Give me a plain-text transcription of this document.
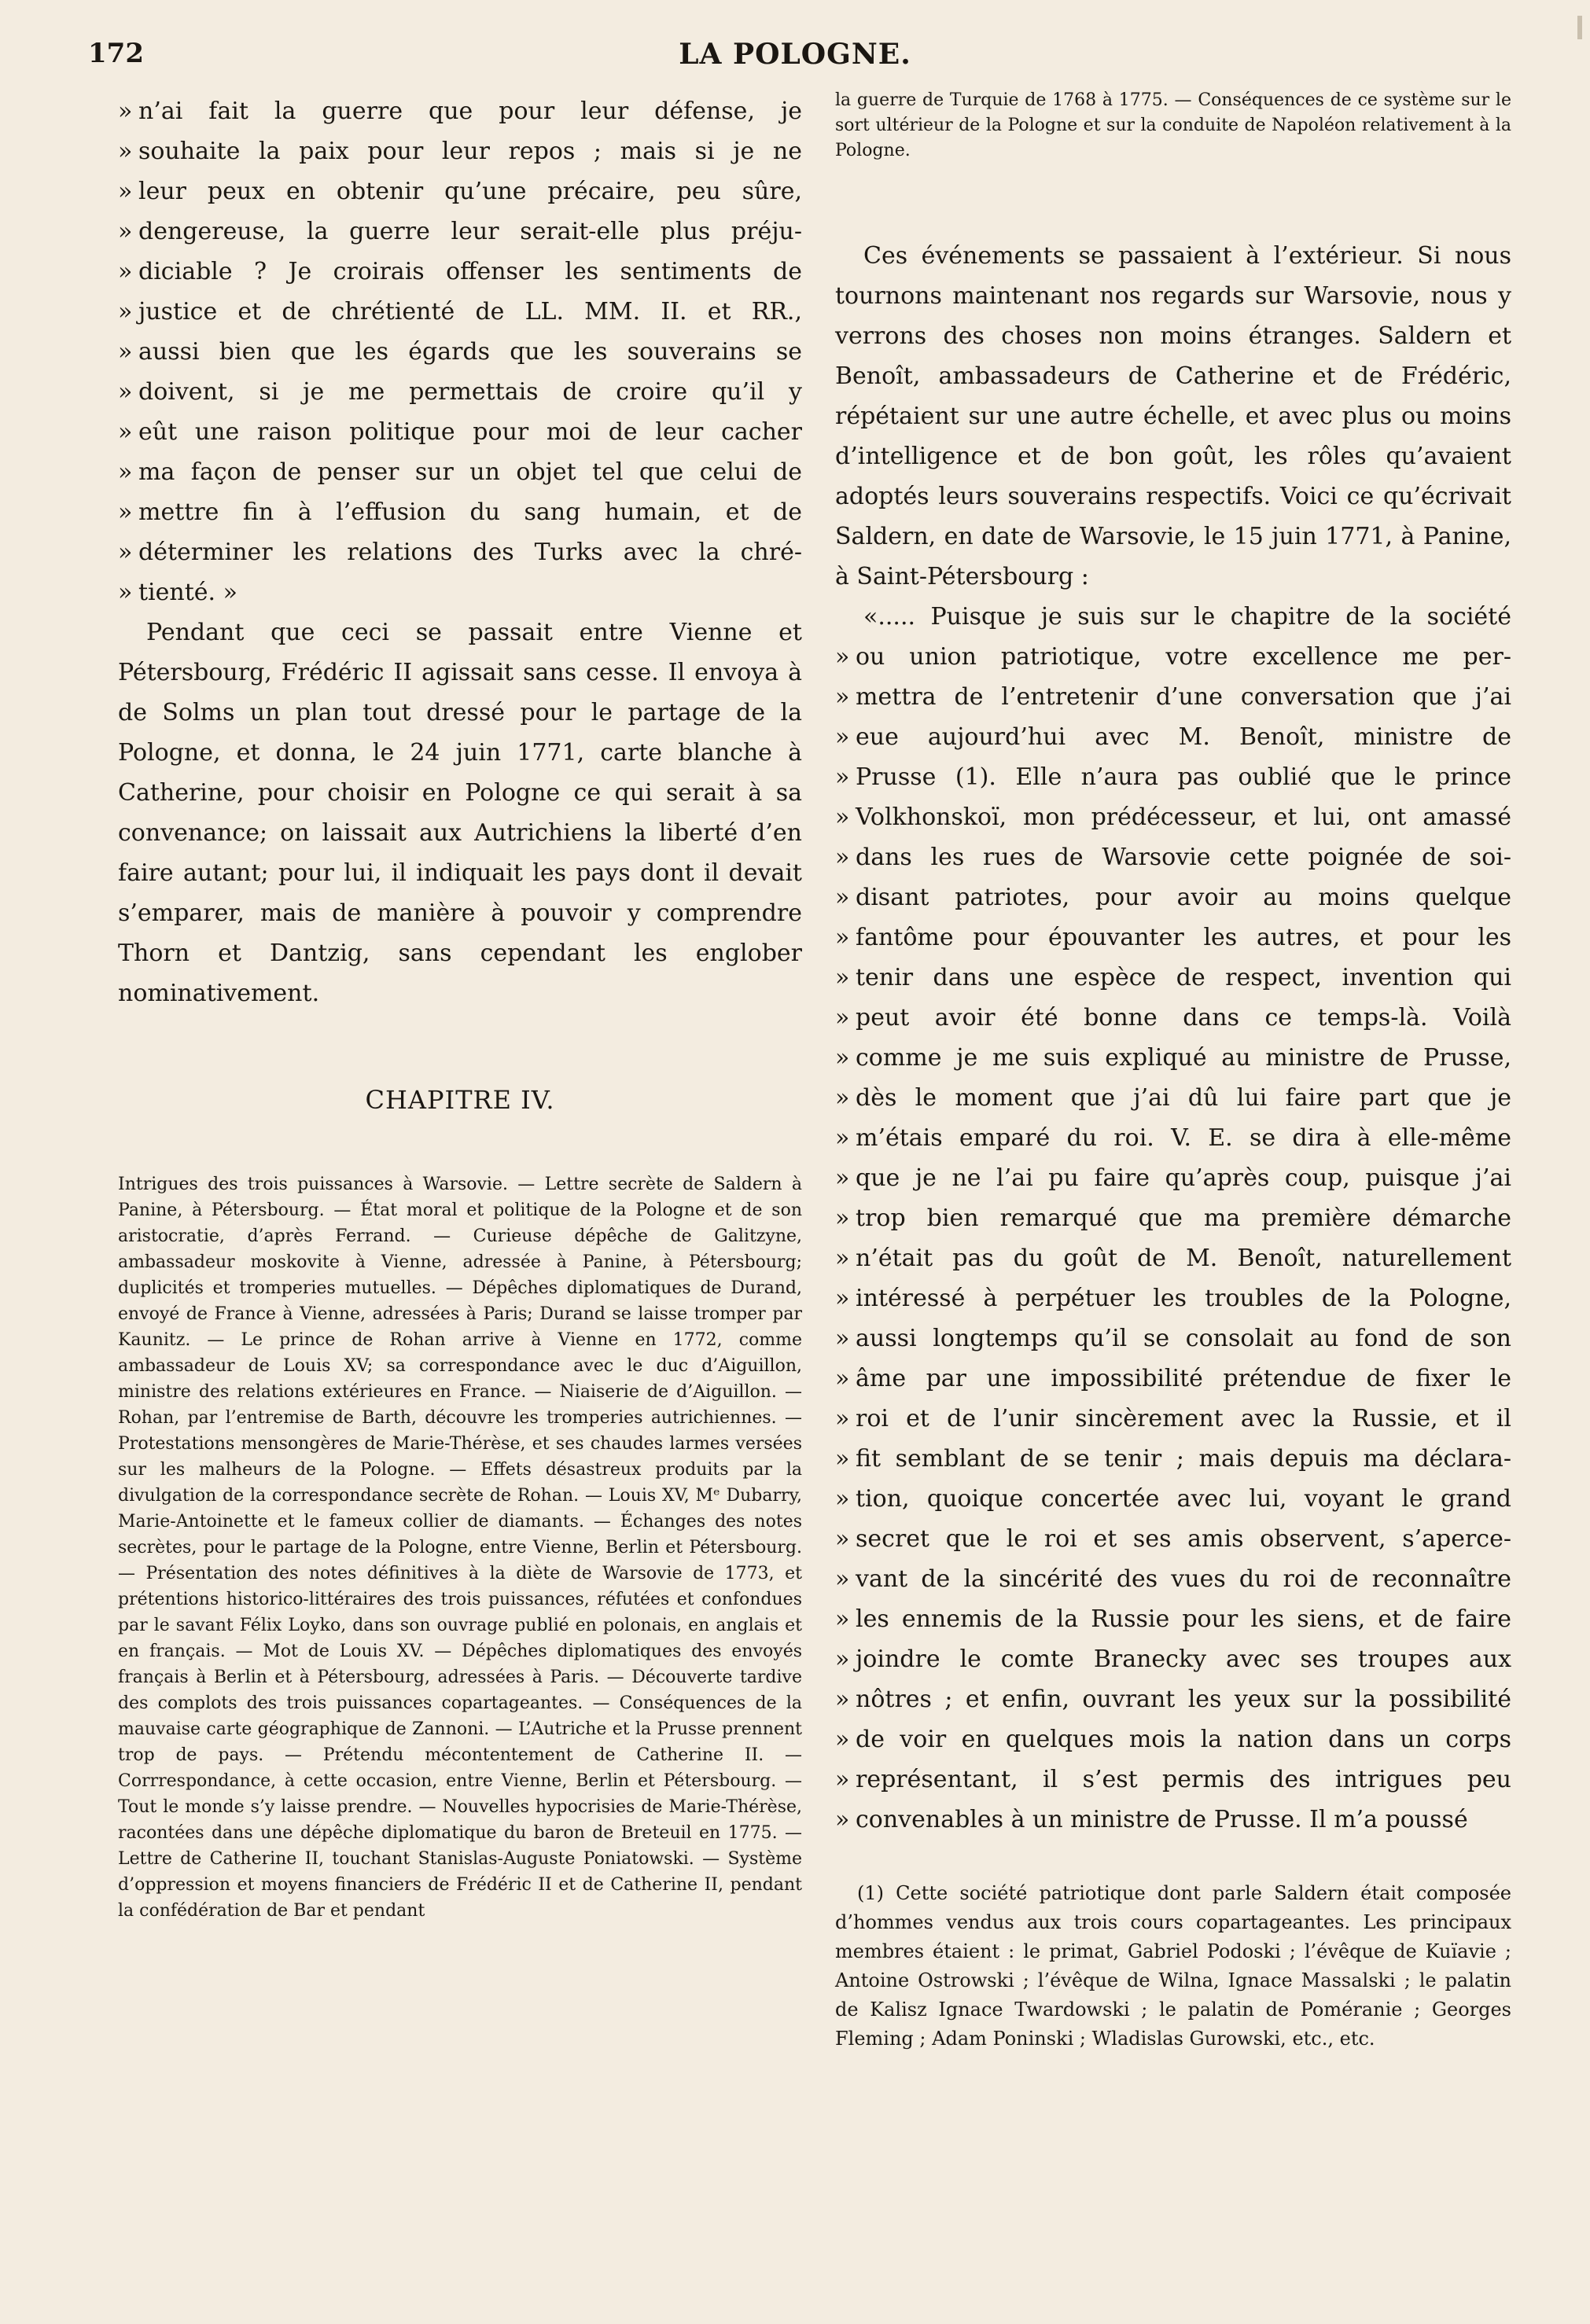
172	LA POLOGNE.
» n’ai fait la guerre que pour leur défense, je
» souhaite la paix pour leur repos ; mais si je ne
» leur peux en obtenir qu’une précaire, peu sûre,
» dengereuse, la guerre leur serait-elle plus préju-
» diciable ? Je croirais offenser les sentiments de
» justice et de chrétienté de LL. MM. II. et RR.,
» aussi bien que les égards que les souverains se
» doivent, si je me permettais de croire qu’il y
» eût une raison politique pour moi de leur cacher
» ma façon de penser sur un objet tel que celui de
» mettre fin à l’effusion du sang humain, et de
» déterminer les relations des Turks avec la chré-
» tienté. »

Pendant que ceci se passait entre Vienne et Pétersbourg, Frédéric II agissait sans cesse. Il envoya à de Solms un plan tout dressé pour le partage de la Pologne, et donna, le 24 juin 1771, carte blanche à Catherine, pour choisir en Pologne ce qui serait à sa convenance; on laissait aux Autrichiens la liberté d’en faire autant; pour lui, il indiquait les pays dont il devait s’emparer, mais de manière à pouvoir y comprendre Thorn et Dantzig, sans cependant les englober nominativement.

CHAPITRE IV.
Intrigues des trois puissances à Warsovie. — Lettre secrète de Saldern à Panine, à Pétersbourg. — État moral et politique de la Pologne et de son aristocratie, d’après Ferrand. — Curieuse dépêche de Galitzyne, ambassadeur moskovite à Vienne, adressée à Panine, à Pétersbourg; duplicités et tromperies mutuelles. — Dépêches diplomatiques de Durand, envoyé de France à Vienne, adressées à Paris; Durand se laisse tromper par Kaunitz. — Le prince de Rohan arrive à Vienne en 1772, comme ambassadeur de Louis XV; sa correspondance avec le duc d’Aiguillon, ministre des relations extérieures en France. — Niaiserie de d’Aiguillon. — Rohan, par l’entremise de Barth, découvre les tromperies autrichiennes. — Protestations mensongères de Marie-Thérèse, et ses chaudes larmes versées sur les malheurs de la Pologne. — Effets désastreux produits par la divulgation de la correspondance secrète de Rohan. — Louis XV, Mᵉ Dubarry, Marie-Antoinette et le fameux collier de diamants. — Échanges des notes secrètes, pour le partage de la Pologne, entre Vienne, Berlin et Pétersbourg. — Présentation des notes définitives à la diète de Warsovie de 1773, et prétentions historico-littéraires des trois puissances, réfutées et confondues par le savant Félix Loyko, dans son ouvrage publié en polonais, en anglais et en français. — Mot de Louis XV. — Dépêches diplomatiques des envoyés français à Berlin et à Pétersbourg, adressées à Paris. — Découverte tardive des complots des trois puissances copartageantes. — Conséquences de la mauvaise carte géographique de Zannoni. — L’Autriche et la Prusse prennent trop de pays. — Prétendu mécontentement de Catherine II. — Corrrespondance, à cette occasion, entre Vienne, Berlin et Pétersbourg. — Tout le monde s’y laisse prendre. — Nouvelles hypocrisies de Marie-Thérèse, racontées dans une dépêche diplomatique du baron de Breteuil en 1775. — Lettre de Catherine II, touchant Stanislas-Auguste Poniatowski. — Système d’oppression et moyens financiers de Frédéric II et de Catherine II, pendant la confédération de Bar et pendant
la guerre de Turquie de 1768 à 1775. — Conséquences de ce système sur le sort ultérieur de la Pologne et sur la conduite de Napoléon relativement à la Pologne.

Ces événements se passaient à l’extérieur. Si nous tournons maintenant nos regards sur Warsovie, nous y verrons des choses non moins étranges. Saldern et Benoît, ambassadeurs de Catherine et de Frédéric, répétaient sur une autre échelle, et avec plus ou moins d’intelligence et de bon goût, les rôles qu’avaient adoptés leurs souverains respectifs. Voici ce qu’écrivait Saldern, en date de Warsovie, le 15 juin 1771, à Panine, à Saint-Pétersbourg :

«..... Puisque je suis sur le chapitre de la société
» ou union patriotique, votre excellence me per-
» mettra de l’entretenir d’une conversation que j’ai
» eue aujourd’hui avec M. Benoît, ministre de
» Prusse (1). Elle n’aura pas oublié que le prince
» Volkhonskoï, mon prédécesseur, et lui, ont amassé
» dans les rues de Warsovie cette poignée de soi-
» disant patriotes, pour avoir au moins quelque
» fantôme pour épouvanter les autres, et pour les
» tenir dans une espèce de respect, invention qui
» peut avoir été bonne dans ce temps-là. Voilà
» comme je me suis expliqué au ministre de Prusse,
» dès le moment que j’ai dû lui faire part que je
» m’étais emparé du roi. V. E. se dira à elle-même
» que je ne l’ai pu faire qu’après coup, puisque j’ai
» trop bien remarqué que ma première démarche
» n’était pas du goût de M. Benoît, naturellement
» intéressé à perpétuer les troubles de la Pologne,
» aussi longtemps qu’il se consolait au fond de son
» âme par une impossibilité prétendue de fixer le
» roi et de l’unir sincèrement avec la Russie, et il
» fit semblant de se tenir ; mais depuis ma déclara-
» tion, quoique concertée avec lui, voyant le grand
» secret que le roi et ses amis observent, s’aperce-
» vant de la sincérité des vues du roi de reconnaître
» les ennemis de la Russie pour les siens, et de faire
» joindre le comte Branecky avec ses troupes aux
» nôtres ; et enfin, ouvrant les yeux sur la possibilité
» de voir en quelques mois la nation dans un corps
» représentant, il s’est permis des intrigues peu
» convenables à un ministre de Prusse. Il m’a poussé
(1) Cette société patriotique dont parle Saldern était composée d’hommes vendus aux trois cours copartageantes. Les principaux membres étaient : le primat, Gabriel Podoski ; l’évêque de Kuïavie ; Antoine Ostrowski ; l’évêque de Wilna, Ignace Massalski ; le palatin de Kalisz Ignace Twardowski ; le palatin de Poméranie ; Georges Fleming ; Adam Poninski ; Wladislas Gurowski, etc., etc.
